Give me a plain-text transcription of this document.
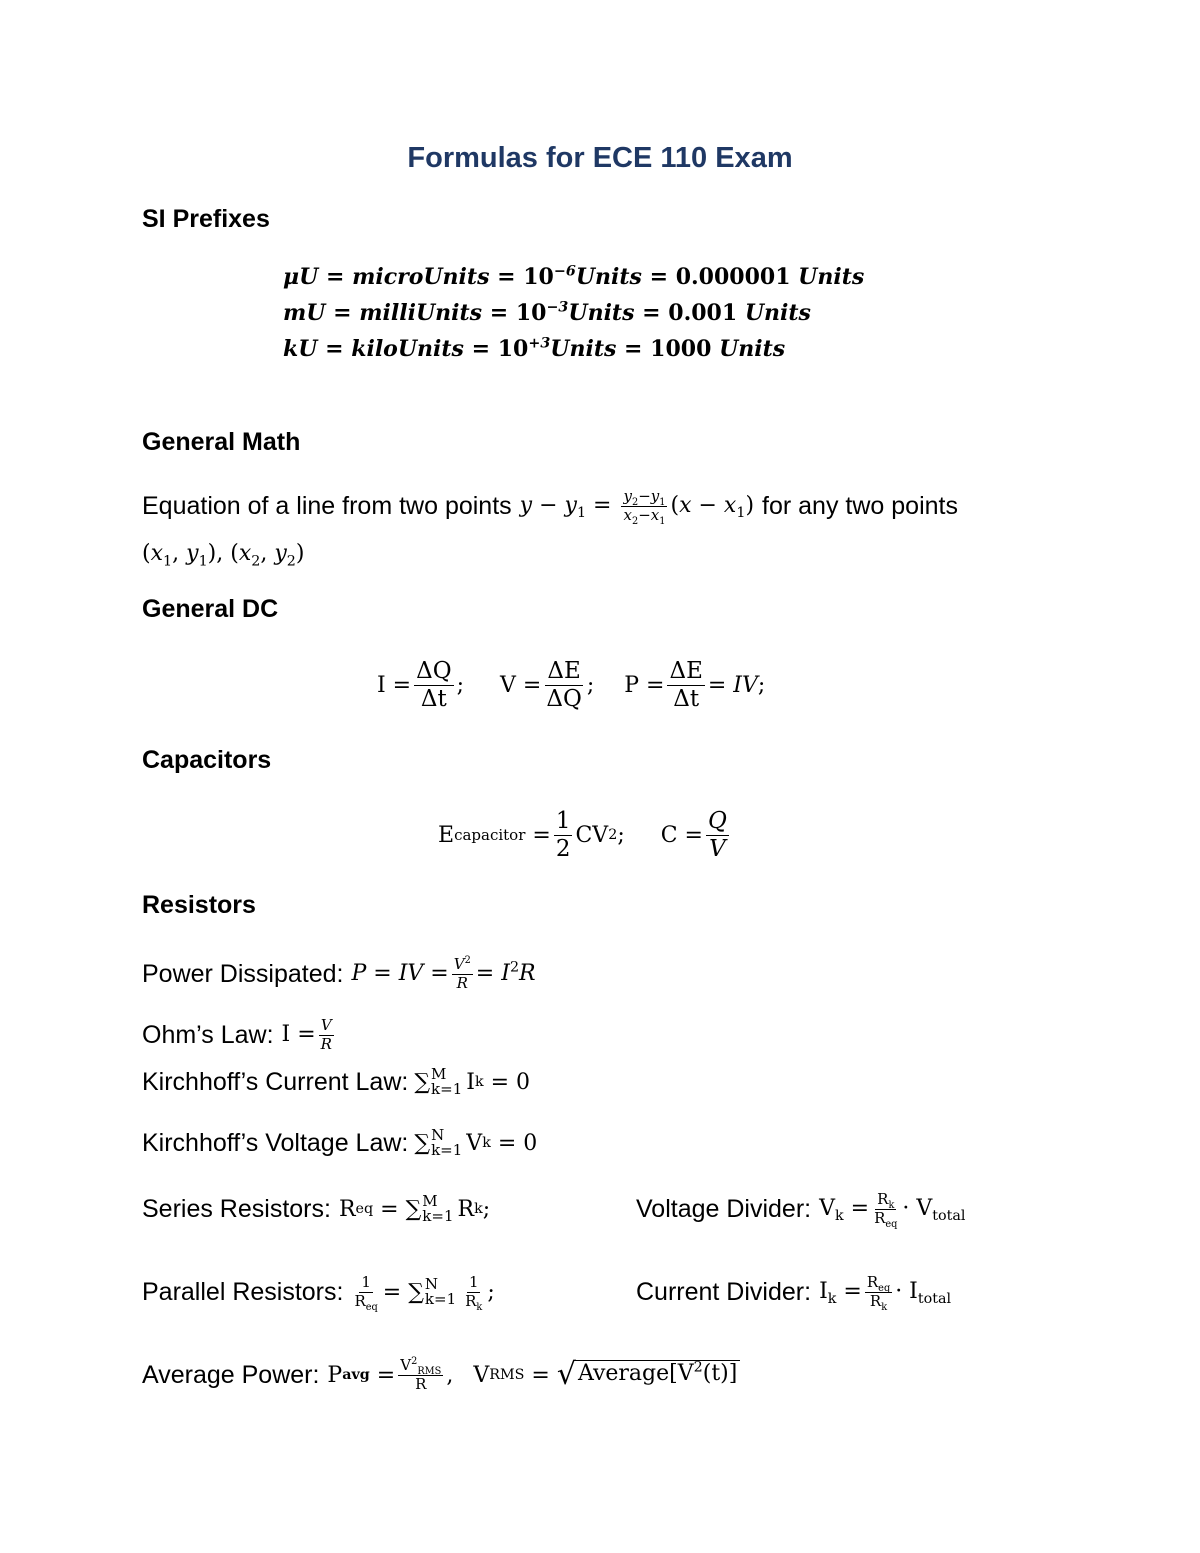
Formulas for ECE 110 Exam
SI Prefixes
μU = microUnits = $10^{-6}Units = 0.000001$ Units
mU = milliUnits = $10^{-3}Units = 0.001$ Units
kU = kiloUnits = $10^{+3}Units = 1000$ Units
General Math
Equation of a line from two points $y - y_1 = \frac{y_2-y_1}{x_2-x_1} (x - x_1)$ for any two points
($x_1$, $y_1$), ($x_2$, $y_2$)
General DC
$I = \frac{\Delta Q}{\Delta t}$ ;
$V = \frac{\Delta E}{\Delta Q}$ ;
$P = \frac{\Delta E}{\Delta t}$ = IV ;
Capacitors
E capacitor = $\frac{1}{2}$ CV 2 ;
$C = \frac{Q}{V}$
Resistors
Power Dissipated: P = IV = $\frac{V^2}{R} = I^2R$
Ohm’s Law: $I = \frac{V}{R}$
Kirchhoff’s Current Law: ∑ M
k=1 I k = 0
Kirchhoff’s Voltage Law: ∑ N
k=1 V k = 0
Series Resistors: R eq = ∑ M
k=1 R k ;	Voltage Divider: $V_k = \frac{R_k}{R_{eq}} \cdot V_{total}$
Parallel Resistors: $\frac{1}{R_{eq}}$ = ∑ N
$k=1 \frac{1}{R_k}$ ;	Current Divider: $I_k = \frac{R_{eq}}{R_k} \cdot I_{total}$
Average Power: P avg = $\frac{V^2_{RMS}}{R}$ ,
V RMS = √ $Average[V^2(t)]$
